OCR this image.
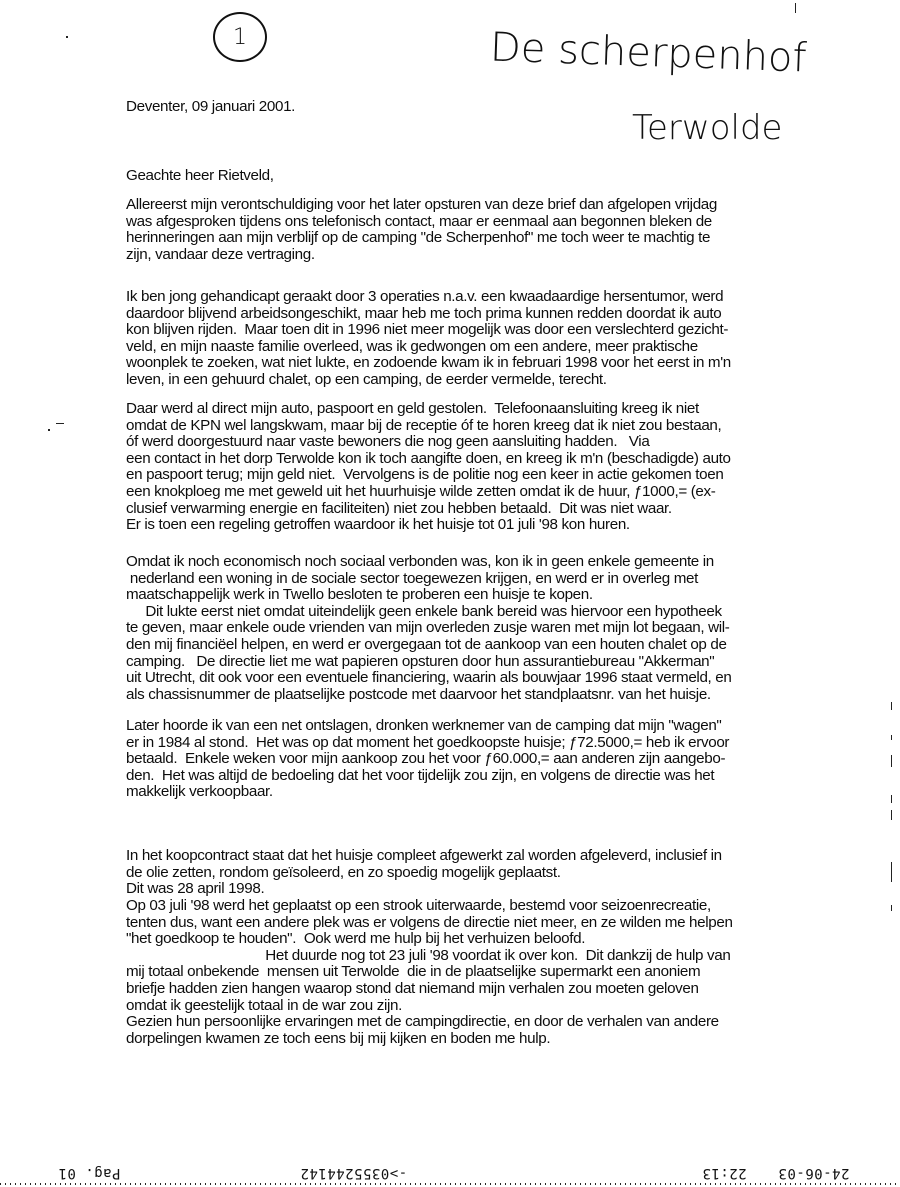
1	De scherpenhof
Terwolde
Deventer, 09 januari 2001.
Geachte heer Rietveld,
Allereerst mijn verontschuldiging voor het later opsturen van deze brief dan afgelopen vrijdag
was afgesproken tijdens ons telefonisch contact, maar er eenmaal aan begonnen bleken de
herinneringen aan mijn verblijf op de camping "de Scherpenhof" me toch weer te machtig te
zijn, vandaar deze vertraging.
Ik ben jong gehandicapt geraakt door 3 operaties n.a.v. een kwaadaardige hersentumor, werd
daardoor blijvend arbeidsongeschikt, maar heb me toch prima kunnen redden doordat ik auto
kon blijven rijden.  Maar toen dit in 1996 niet meer mogelijk was door een verslechterd gezicht-
veld, en mijn naaste familie overleed, was ik gedwongen om een andere, meer praktische
woonplek te zoeken, wat niet lukte, en zodoende kwam ik in februari 1998 voor het eerst in m'n
leven, in een gehuurd chalet, op een camping, de eerder vermelde, terecht.
Daar werd al direct mijn auto, paspoort en geld gestolen.  Telefoonaansluiting kreeg ik niet
omdat de KPN wel langskwam, maar bij de receptie óf te horen kreeg dat ik niet zou bestaan,
óf werd doorgestuurd naar vaste bewoners die nog geen aansluiting hadden.   Via
een contact in het dorp Terwolde kon ik toch aangifte doen, en kreeg ik m'n (beschadigde) auto
en paspoort terug; mijn geld niet.  Vervolgens is de politie nog een keer in actie gekomen toen
een knokploeg me met geweld uit het huurhuisje wilde zetten omdat ik de huur, ƒ1000,= (ex-
clusief verwarming energie en faciliteiten) niet zou hebben betaald.  Dit was niet waar.
Er is toen een regeling getroffen waardoor ik het huisje tot 01 juli '98 kon huren.
Omdat ik noch economisch noch sociaal verbonden was, kon ik in geen enkele gemeente in
nederland een woning in de sociale sector toegewezen krijgen, en werd er in overleg met
maatschappelijk werk in Twello besloten te proberen een huisje te kopen.
Dit lukte eerst niet omdat uiteindelijk geen enkele bank bereid was hiervoor een hypotheek
te geven, maar enkele oude vrienden van mijn overleden zusje waren met mijn lot begaan, wil-
den mij financiëel helpen, en werd er overgegaan tot de aankoop van een houten chalet op de
camping.   De directie liet me wat papieren opsturen door hun assurantiebureau "Akkerman"
uit Utrecht, dit ook voor een eventuele financiering, waarin als bouwjaar 1996 staat vermeld, en
als chassisnummer de plaatselijke postcode met daarvoor het standplaatsnr. van het huisje.
Later hoorde ik van een net ontslagen, dronken werknemer van de camping dat mijn "wagen"
er in 1984 al stond.  Het was op dat moment het goedkoopste huisje; ƒ72.5000,= heb ik ervoor
betaald.  Enkele weken voor mijn aankoop zou het voor ƒ60.000,= aan anderen zijn aangebo-
den.  Het was altijd de bedoeling dat het voor tijdelijk zou zijn, en volgens de directie was het
makkelijk verkoopbaar.
In het koopcontract staat dat het huisje compleet afgewerkt zal worden afgeleverd, inclusief in
de olie zetten, rondom geïsoleerd, en zo spoedig mogelijk geplaatst.
Dit was 28 april 1998.
Op 03 juli '98 werd het geplaatst op een strook uiterwaarde, bestemd voor seizoenrecreatie,
tenten dus, want een andere plek was er volgens de directie niet meer, en ze wilden me helpen
"het goedkoop te houden".  Ook werd me hulp bij het verhuizen beloofd.
Het duurde nog tot 23 juli '98 voordat ik over kon.  Dit dankzij de hulp van
mij totaal onbekende  mensen uit Terwolde  die in de plaatselijke supermarkt een anoniem
briefje hadden zien hangen waarop stond dat niemand mijn verhalen zou moeten geloven
omdat ik geestelijk totaal in de war zou zijn.
Gezien hun persoonlijke ervaringen met de campingdirectie, en door de verhalen van andere
dorpelingen kwamen ze toch eens bij mij kijken en boden me hulp.
Pag. 01	->0355244142	22:13 24-06-03
